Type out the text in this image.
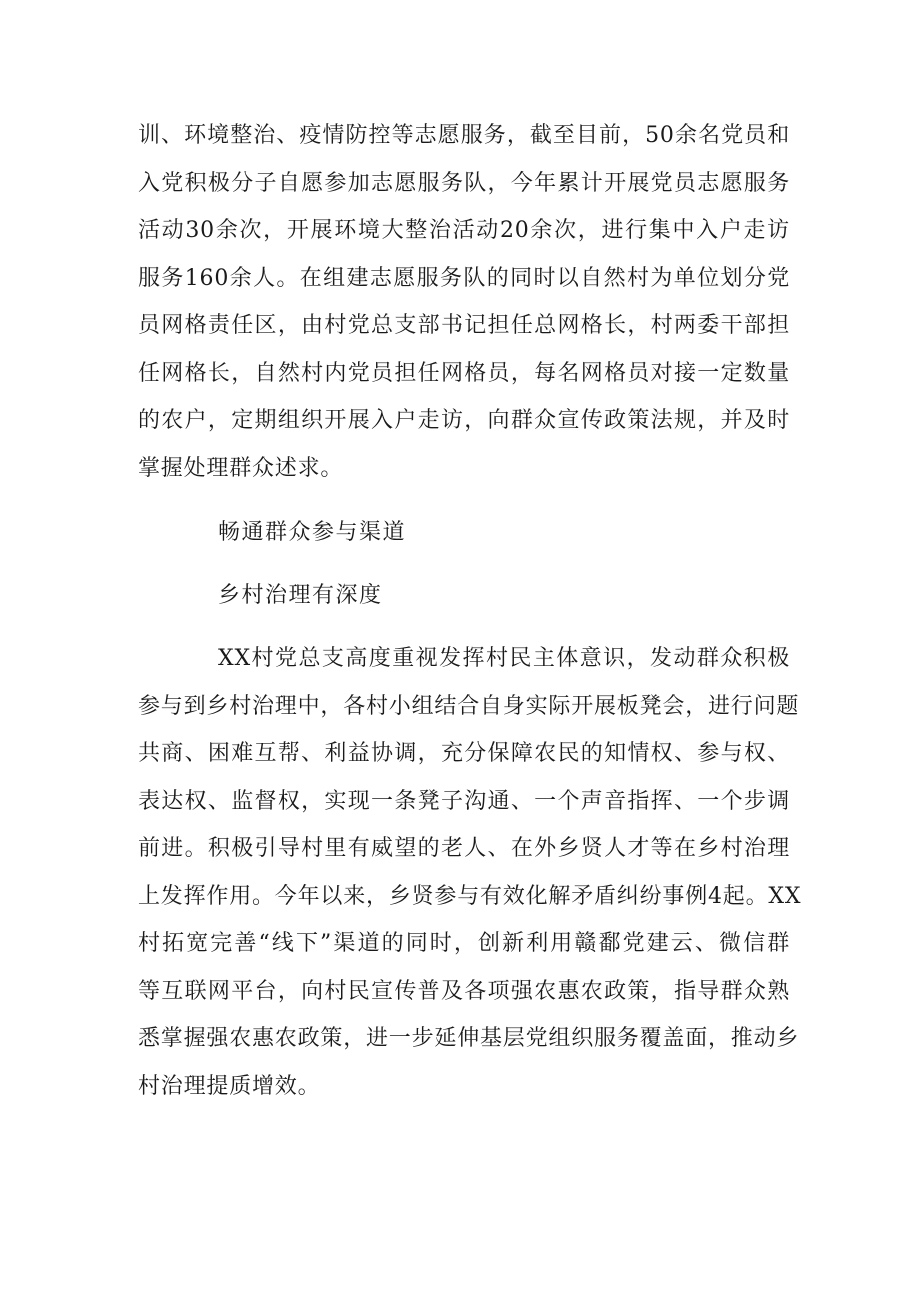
训、环境整治、疫情防控等志愿服务，截至目前，50余名党员和
入党积极分子自愿参加志愿服务队，今年累计开展党员志愿服务
活动30余次，开展环境大整治活动20余次，进行集中入户走访
服务160余人。在组建志愿服务队的同时以自然村为单位划分党
员网格责任区，由村党总支部书记担任总网格长，村两委干部担
任网格长，自然村内党员担任网格员，每名网格员对接一定数量
的农户，定期组织开展入户走访，向群众宣传政策法规，并及时
掌握处理群众述求。
畅通群众参与渠道
乡村治理有深度
XX村党总支高度重视发挥村民主体意识，发动群众积极
参与到乡村治理中，各村小组结合自身实际开展板凳会，进行问题
共商、困难互帮、利益协调，充分保障农民的知情权、参与权、
表达权、监督权，实现一条凳子沟通、一个声音指挥、一个步调
前进。积极引导村里有威望的老人、在外乡贤人才等在乡村治理
上发挥作用。今年以来，乡贤参与有效化解矛盾纠纷事例4起。XX
村拓宽完善“线下”渠道的同时，创新利用赣鄱党建云、微信群
等互联网平台，向村民宣传普及各项强农惠农政策，指导群众熟
悉掌握强农惠农政策，进一步延伸基层党组织服务覆盖面，推动乡
村治理提质增效。
